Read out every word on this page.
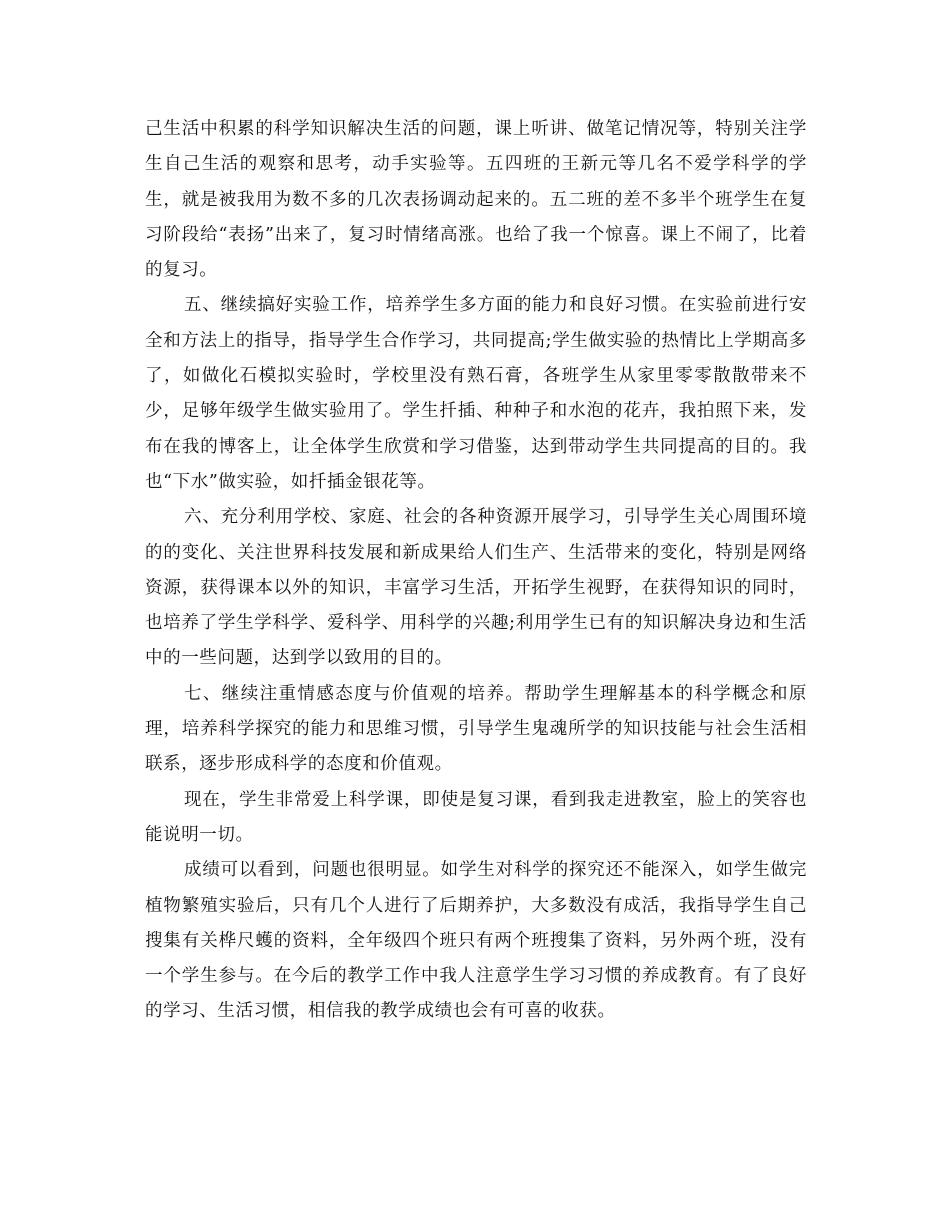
己生活中积累的科学知识解决生活的问题，课上听讲、做笔记情况等，特别关注学生自己生活的观察和思考，动手实验等。五四班的王新元等几名不爱学科学的学生，就是被我用为数不多的几次表扬调动起来的。五二班的差不多半个班学生在复习阶段给“表扬”出来了，复习时情绪高涨。也给了我一个惊喜。课上不闹了，比着的复习。

五、继续搞好实验工作，培养学生多方面的能力和良好习惯。在实验前进行安全和方法上的指导，指导学生合作学习，共同提高;学生做实验的热情比上学期高多了，如做化石模拟实验时，学校里没有熟石膏，各班学生从家里零零散散带来不少，足够年级学生做实验用了。学生扦插、种种子和水泡的花卉，我拍照下来，发布在我的博客上，让全体学生欣赏和学习借鉴，达到带动学生共同提高的目的。我也“下水”做实验，如扦插金银花等。

六、充分利用学校、家庭、社会的各种资源开展学习，引导学生关心周围环境的的变化、关注世界科技发展和新成果给人们生产、生活带来的变化，特别是网络资源，获得课本以外的知识，丰富学习生活，开拓学生视野，在获得知识的同时，也培养了学生学科学、爱科学、用科学的兴趣;利用学生已有的知识解决身边和生活中的一些问题，达到学以致用的目的。

七、继续注重情感态度与价值观的培养。帮助学生理解基本的科学概念和原理，培养科学探究的能力和思维习惯，引导学生鬼魂所学的知识技能与社会生活相联系，逐步形成科学的态度和价值观。

现在，学生非常爱上科学课，即使是复习课，看到我走进教室，脸上的笑容也能说明一切。

成绩可以看到，问题也很明显。如学生对科学的探究还不能深入，如学生做完植物繁殖实验后，只有几个人进行了后期养护，大多数没有成活，我指导学生自己搜集有关桦尺蠖的资料，全年级四个班只有两个班搜集了资料，另外两个班，没有一个学生参与。在今后的教学工作中我人注意学生学习习惯的养成教育。有了良好的学习、生活习惯，相信我的教学成绩也会有可喜的收获。
